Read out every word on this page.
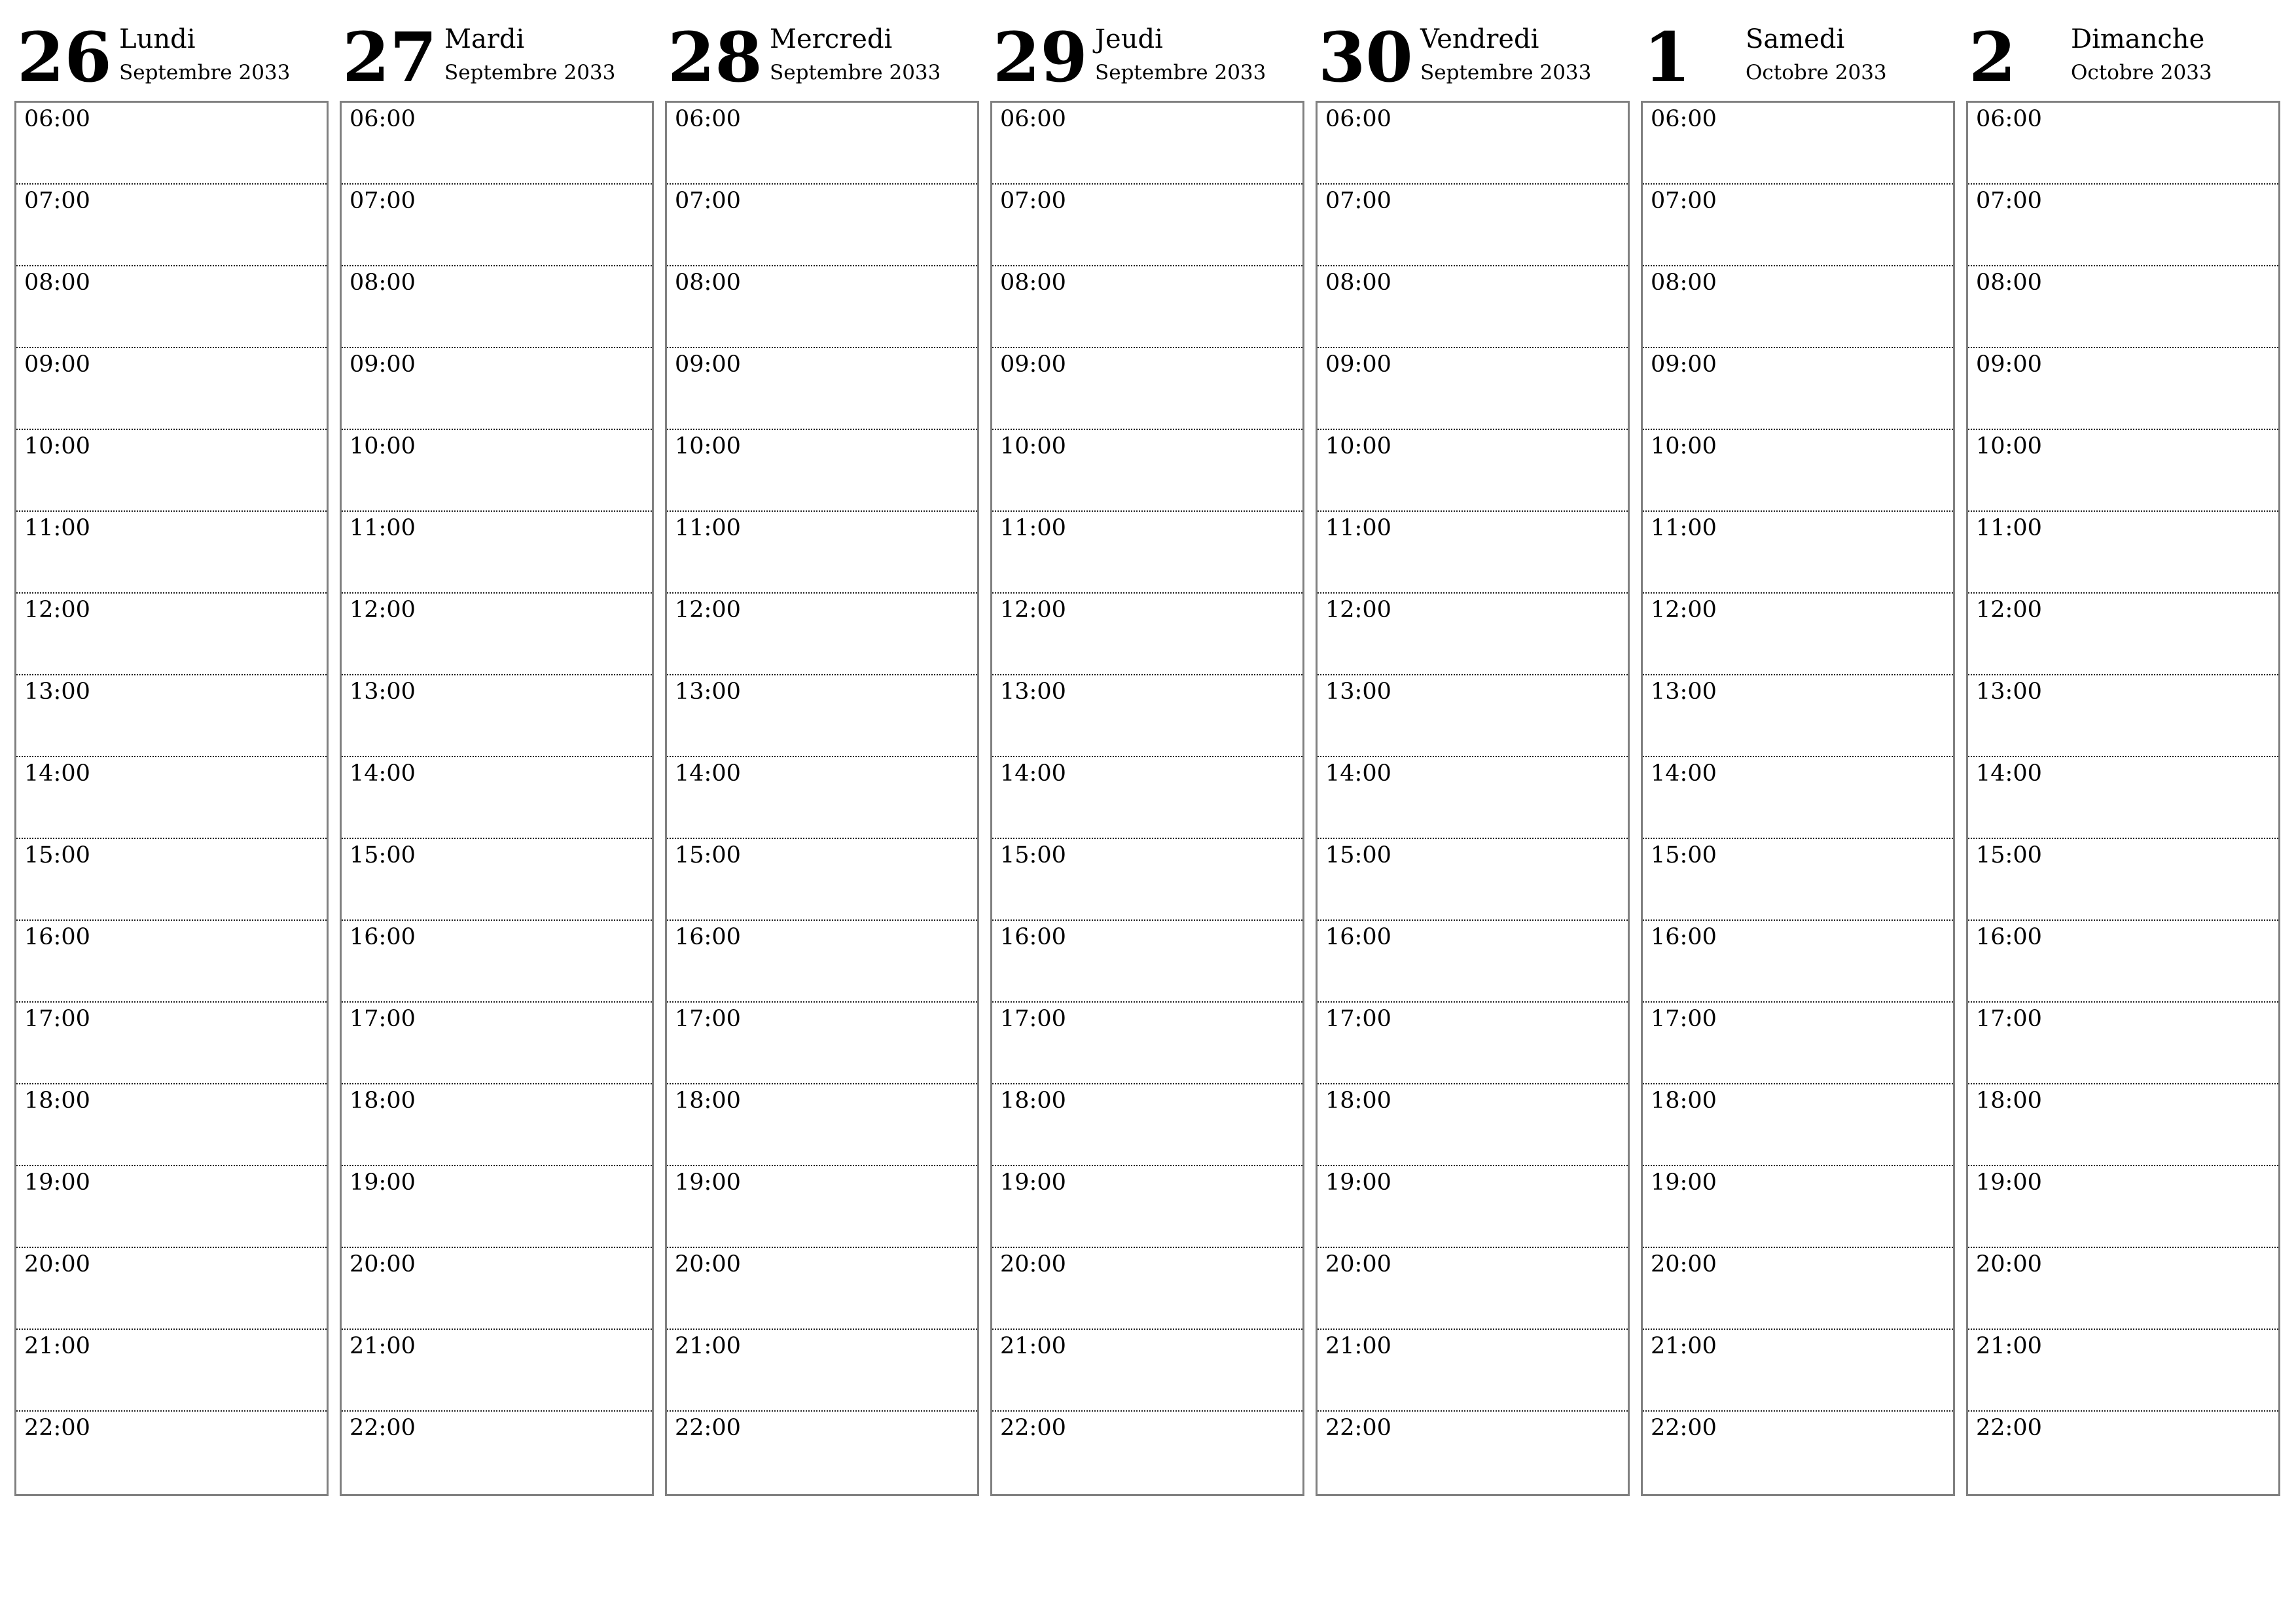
26 Lundi
Septembre 2033
06:00
07:00
08:00
09:00
10:00
11:00
12:00
13:00
14:00
15:00
16:00
17:00
18:00
19:00
20:00
21:00
22:00
27 Mardi
Septembre 2033
06:00
07:00
08:00
09:00
10:00
11:00
12:00
13:00
14:00
15:00
16:00
17:00
18:00
19:00
20:00
21:00
22:00
28 Mercredi
Septembre 2033
06:00
07:00
08:00
09:00
10:00
11:00
12:00
13:00
14:00
15:00
16:00
17:00
18:00
19:00
20:00
21:00
22:00
29 Jeudi
Septembre 2033
06:00
07:00
08:00
09:00
10:00
11:00
12:00
13:00
14:00
15:00
16:00
17:00
18:00
19:00
20:00
21:00
22:00
30 Vendredi
Septembre 2033
06:00
07:00
08:00
09:00
10:00
11:00
12:00
13:00
14:00
15:00
16:00
17:00
18:00
19:00
20:00
21:00
22:00
1 Samedi
Octobre 2033
06:00
07:00
08:00
09:00
10:00
11:00
12:00
13:00
14:00
15:00
16:00
17:00
18:00
19:00
20:00
21:00
22:00
2 Dimanche
Octobre 2033
06:00
07:00
08:00
09:00
10:00
11:00
12:00
13:00
14:00
15:00
16:00
17:00
18:00
19:00
20:00
21:00
22:00
